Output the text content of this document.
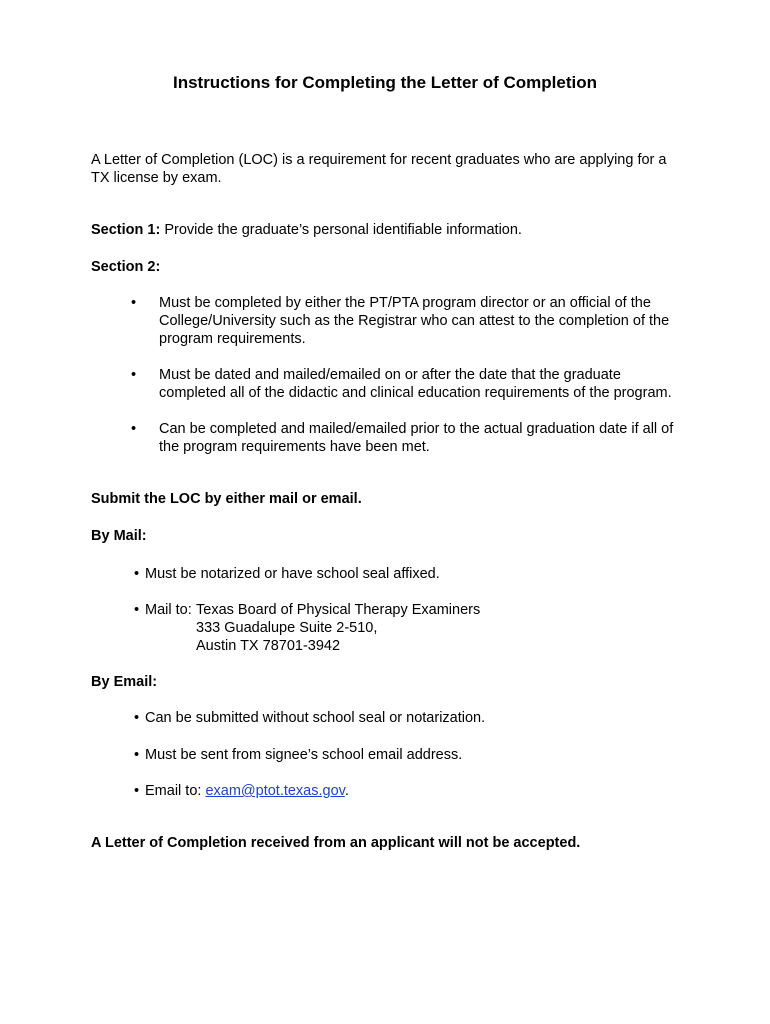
Instructions for Completing the Letter of Completion
A Letter of Completion (LOC) is a requirement for recent graduates who are applying for a
TX license by exam.
Section 1: Provide the graduate’s personal identifiable information.
Section 2:
•	Must be completed by either the PT/PTA program director or an official of the
College/University such as the Registrar who can attest to the completion of the
program requirements.
•	Must be dated and mailed/emailed on or after the date that the graduate
completed all of the didactic and clinical education requirements of the program.
•	Can be completed and mailed/emailed prior to the actual graduation date if all of
the program requirements have been met.
Submit the LOC by either mail or email.
By Mail:
• Must be notarized or have school seal affixed.
• Mail to: Texas Board of Physical Therapy Examiners
333 Guadalupe Suite 2-510,
Austin TX 78701-3942
By Email:
• Can be submitted without school seal or notarization.
• Must be sent from signee’s school email address.
• Email to: exam@ptot.texas.gov.
A Letter of Completion received from an applicant will not be accepted.
